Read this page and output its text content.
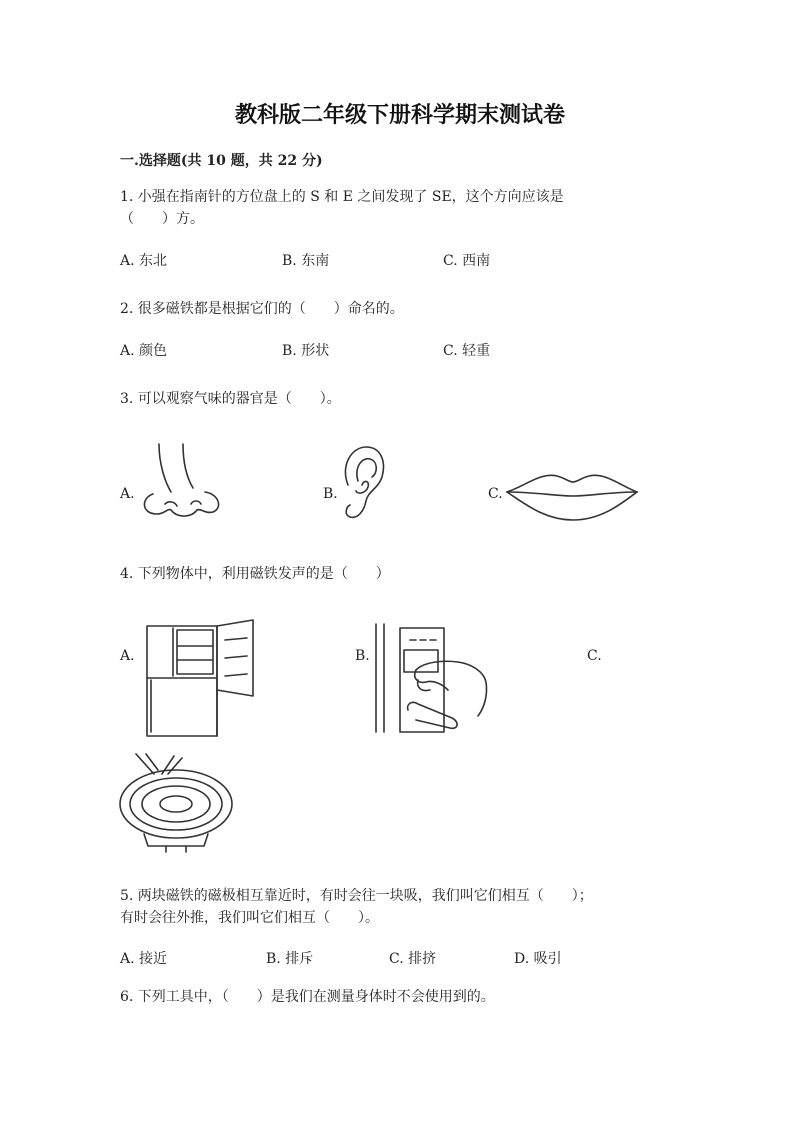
教科版二年级下册科学期末测试卷
一.选择题(共 10 题，共 22 分)
1. 小强在指南针的方位盘上的 S 和 E 之间发现了 SE，这个方向应该是
（　　）方。
A. 东北	B. 东南	C. 西南
2. 很多磁铁都是根据它们的（　　）命名的。
A. 颜色	B. 形状	C. 轻重
3. 可以观察气味的器官是（　　）。
A.	B.	C.
4. 下列物体中，利用磁铁发声的是（　　）
A.	B.	C.
5. 两块磁铁的磁极相互靠近时，有时会往一块吸，我们叫它们相互（　　）；
有时会往外推，我们叫它们相互（　　）。
A. 接近	B. 排斥	C. 排挤	D. 吸引
6. 下列工具中，（　　）是我们在测量身体时不会使用到的。
